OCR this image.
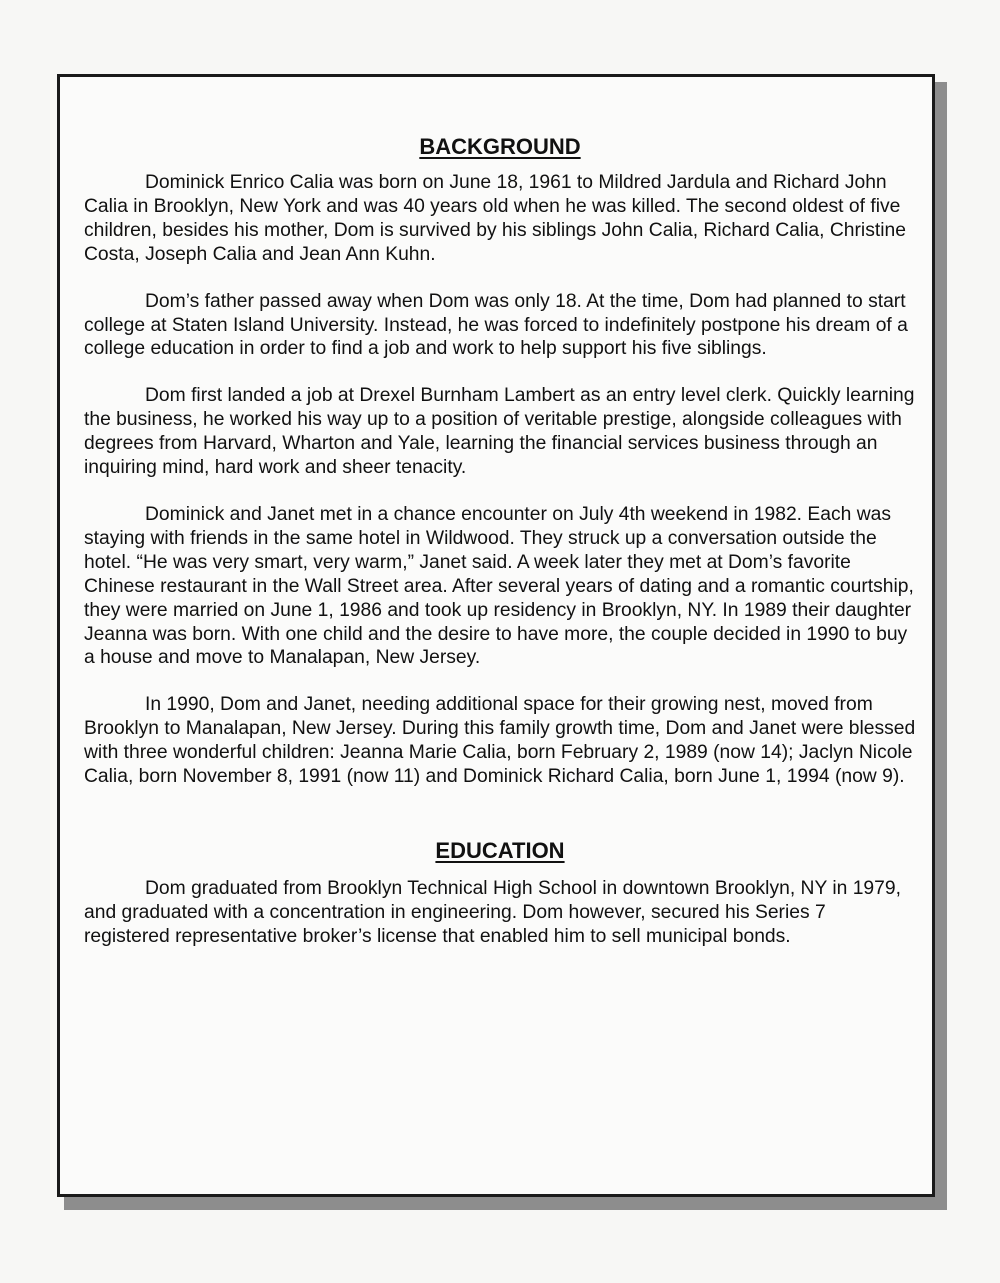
BACKGROUND

Dominick Enrico Calia was born on June 18, 1961 to Mildred Jardula and Richard John Calia in Brooklyn, New York and was 40 years old when he was killed. The second oldest of five children, besides his mother, Dom is survived by his siblings John Calia, Richard Calia, Christine Costa, Joseph Calia and Jean Ann Kuhn.

Dom’s father passed away when Dom was only 18. At the time, Dom had planned to start college at Staten Island University. Instead, he was forced to indefinitely postpone his dream of a college education in order to find a job and work to help support his five siblings.

Dom first landed a job at Drexel Burnham Lambert as an entry level clerk. Quickly learning the business, he worked his way up to a position of veritable prestige, alongside colleagues with degrees from Harvard, Wharton and Yale, learning the financial services business through an inquiring mind, hard work and sheer tenacity.

Dominick and Janet met in a chance encounter on July 4th weekend in 1982. Each was staying with friends in the same hotel in Wildwood. They struck up a conversation outside the hotel. “He was very smart, very warm,” Janet said. A week later they met at Dom’s favorite Chinese restaurant in the Wall Street area. After several years of dating and a romantic courtship, they were married on June 1, 1986 and took up residency in Brooklyn, NY. In 1989 their daughter Jeanna was born. With one child and the desire to have more, the couple decided in 1990 to buy a house and move to Manalapan, New Jersey.

In 1990, Dom and Janet, needing additional space for their growing nest, moved from Brooklyn to Manalapan, New Jersey. During this family growth time, Dom and Janet were blessed with three wonderful children: Jeanna Marie Calia, born February 2, 1989 (now 14); Jaclyn Nicole Calia, born November 8, 1991 (now 11) and Dominick Richard Calia, born June 1, 1994 (now 9).

EDUCATION

Dom graduated from Brooklyn Technical High School in downtown Brooklyn, NY in 1979, and graduated with a concentration in engineering. Dom however, secured his Series 7 registered representative broker’s license that enabled him to sell municipal bonds.
